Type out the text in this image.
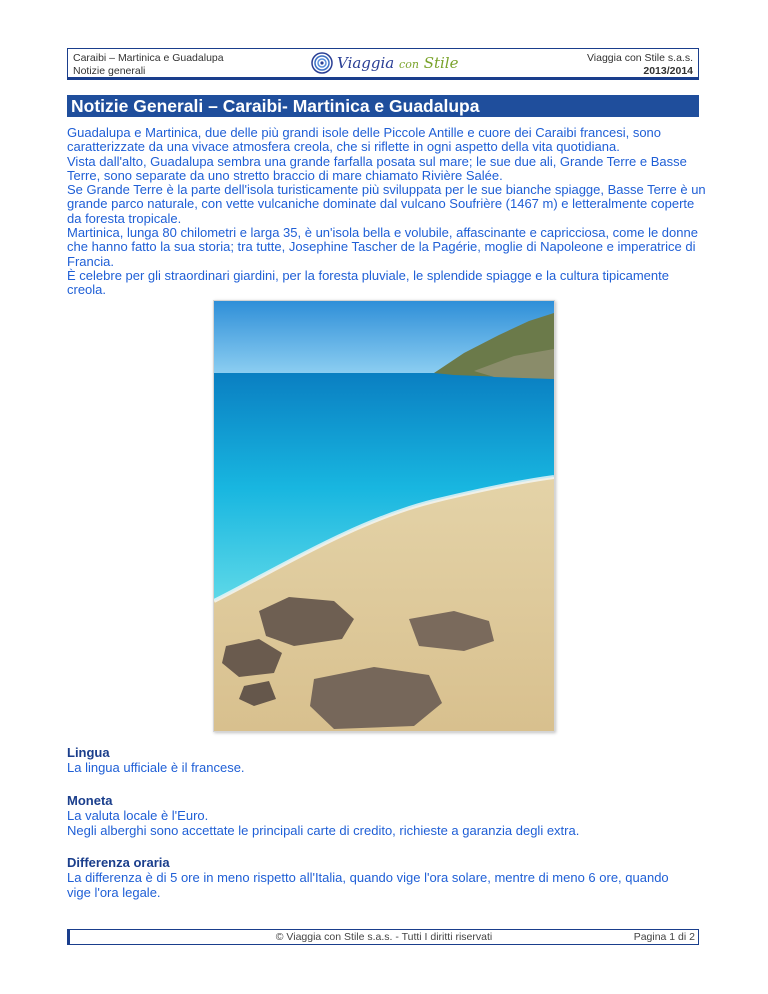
Caraibi – Martinica e Guadalupa
Notizie generali	Viaggia con Stile	Viaggia con Stile s.a.s.
2013/2014
Notizie Generali – Caraibi- Martinica e Guadalupa

Guadalupa e Martinica, due delle più grandi isole delle Piccole Antille e cuore dei Caraibi francesi, sono caratterizzate da una vivace atmosfera creola, che si riflette in ogni aspetto della vita quotidiana.

Vista dall'alto, Guadalupa sembra una grande farfalla posata sul mare; le sue due ali, Grande Terre e Basse Terre, sono separate da uno stretto braccio di mare chiamato Rivière Salée.

Se Grande Terre è la parte dell'isola turisticamente più sviluppata per le sue bianche spiagge, Basse Terre è un grande parco naturale, con vette vulcaniche dominate dal vulcano Soufrière (1467 m) e letteralmente coperte da foresta tropicale.

Martinica, lunga 80 chilometri e larga 35, è un'isola bella e volubile, affascinante e capricciosa, come le donne che hanno fatto la sua storia; tra tutte, Josephine Tascher de la Pagérie, moglie di Napoleone e imperatrice di Francia.

È celebre per gli straordinari giardini, per la foresta pluviale, le splendide spiagge e la cultura tipicamente creola.

Lingua

La lingua ufficiale è il francese.

Moneta

La valuta locale è l'Euro.

Negli alberghi sono accettate le principali carte di credito, richieste a garanzia degli extra.

Differenza oraria

La differenza è di 5 ore in meno rispetto all'Italia, quando vige l'ora solare, mentre di meno 6 ore, quando vige l'ora legale.

© Viaggia con Stile s.a.s. - Tutti I diritti riservati	Pagina 1 di 2
